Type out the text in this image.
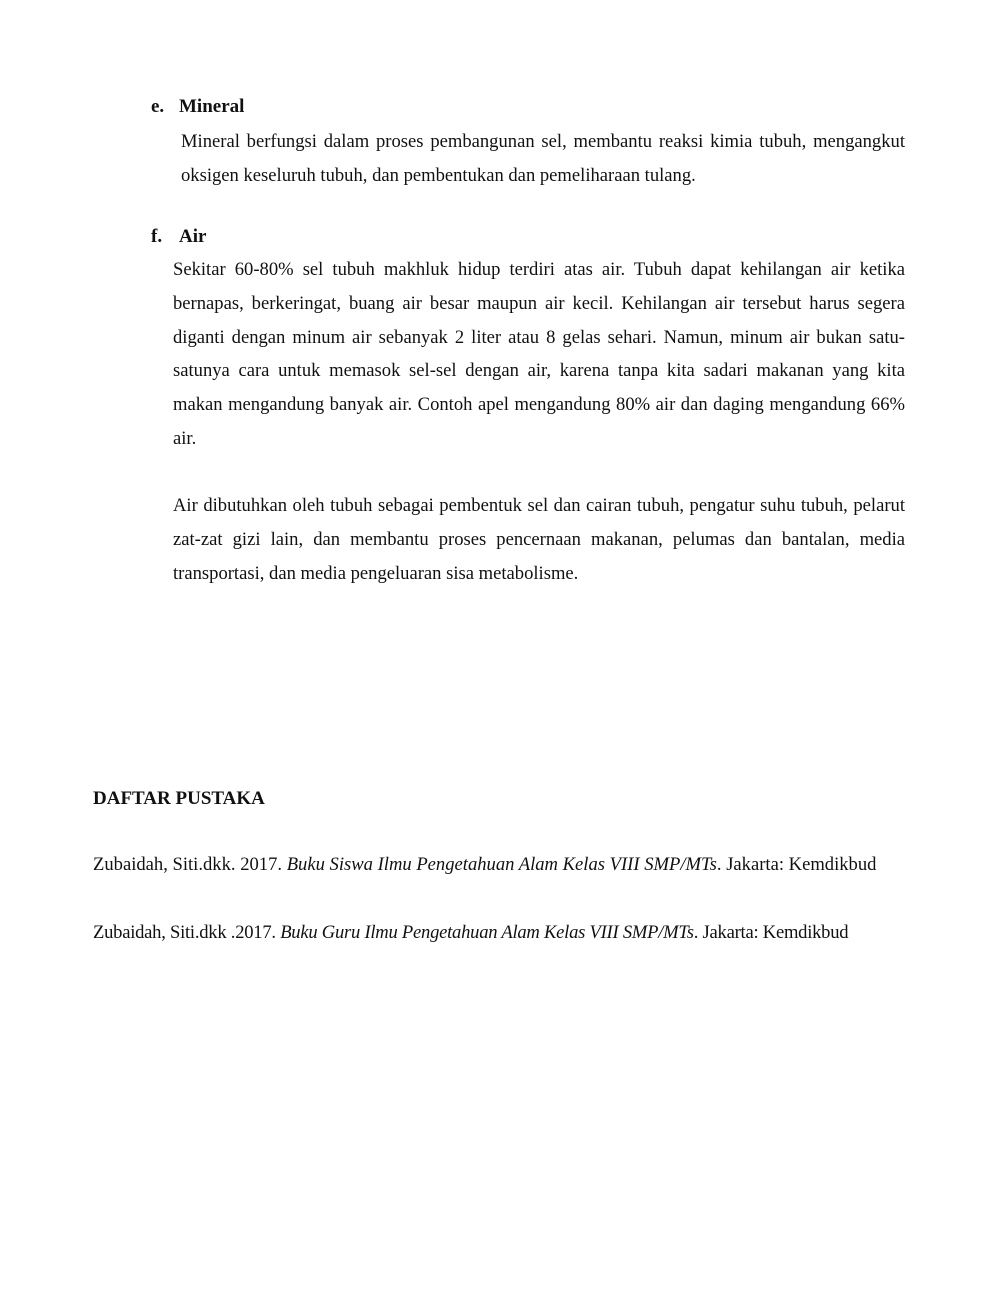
e. Mineral

Mineral berfungsi dalam proses pembangunan sel, membantu reaksi kimia tubuh, mengangkut oksigen keseluruh tubuh, dan pembentukan dan pemeliharaan tulang.

f. Air

Sekitar 60-80% sel tubuh makhluk hidup terdiri atas air. Tubuh dapat kehilangan air ketika bernapas, berkeringat, buang air besar maupun air kecil. Kehilangan air tersebut harus segera diganti dengan minum air sebanyak 2 liter atau 8 gelas sehari. Namun, minum air bukan satu-satunya cara untuk memasok sel-sel dengan air, karena tanpa kita sadari makanan yang kita makan mengandung banyak air. Contoh apel mengandung 80% air dan daging mengandung 66% air.

Air dibutuhkan oleh tubuh sebagai pembentuk sel dan cairan tubuh, pengatur suhu tubuh, pelarut zat-zat gizi lain, dan membantu proses pencernaan makanan, pelumas dan bantalan, media transportasi, dan media pengeluaran sisa metabolisme.

DAFTAR PUSTAKA

Zubaidah, Siti.dkk. 2017. Buku Siswa Ilmu Pengetahuan Alam Kelas VIII SMP/MTs. Jakarta: Kemdikbud

Zubaidah, Siti.dkk .2017. Buku Guru Ilmu Pengetahuan Alam Kelas VIII SMP/MTs. Jakarta: Kemdikbud
